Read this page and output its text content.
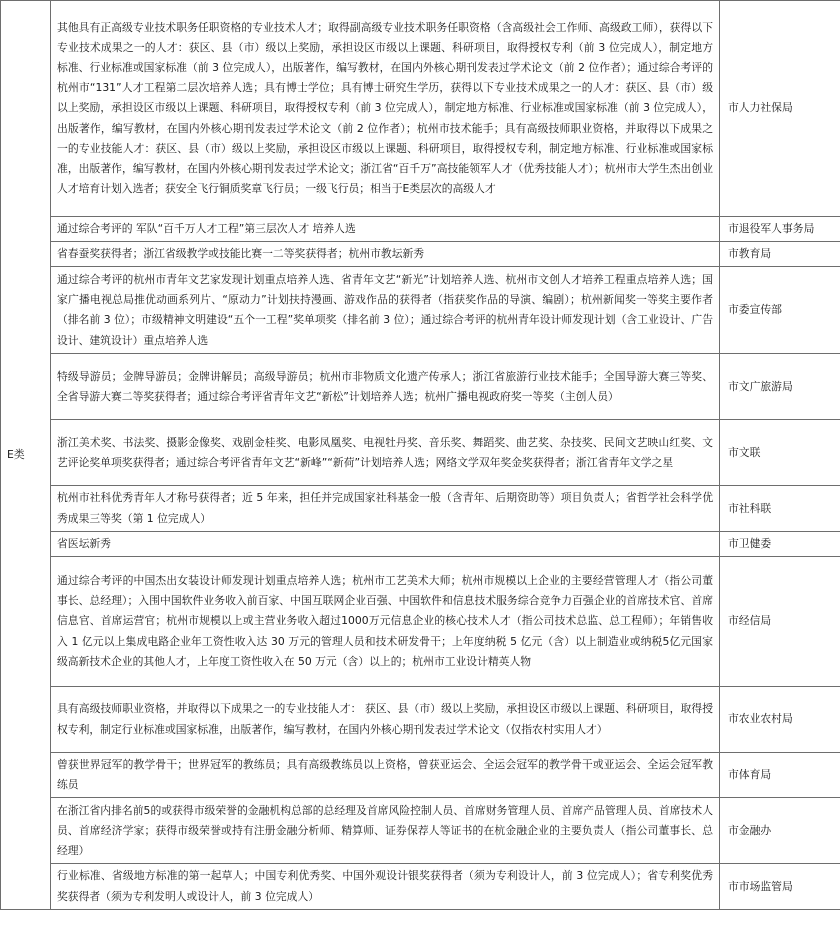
E类	其他具有正高级专业技术职务任职资格的专业技术人才；取得副高级专业技术职务任职资格（含高级社会工作师、高级政工师），获得以下专业技术成果之一的人才：获区、县（市）级以上奖励，承担设区市级以上课题、科研项目，取得授权专利（前 3 位完成人），制定地方标准、行业标准或国家标准（前 3 位完成人），出版著作，编写教材，在国内外核心期刊发表过学术论文（前 2 位作者）；通过综合考评的杭州市“131”人才工程第二层次培养人选；具有博士学位；具有博士研究生学历，获得以下专业技术成果之一的人才：获区、县（市）级以上奖励，承担设区市级以上课题、科研项目，取得授权专利（前 3 位完成人），制定地方标准、行业标准或国家标准（前 3 位完成人），出版著作，编写教材，在国内外核心期刊发表过学术论文（前 2 位作者）；杭州市技术能手；具有高级技师职业资格，并取得以下成果之一的专业技能人才：获区、县（市）级以上奖励，承担设区市级以上课题、科研项目，取得授权专利，制定地方标准、行业标准或国家标准，出版著作，编写教材，在国内外核心期刊发表过学术论文；浙江省“百千万”高技能领军人才（优秀技能人才）；杭州市大学生杰出创业人才培育计划入选者；获安全飞行铜质奖章飞行员；一级飞行员；相当于E类层次的高级人才	市人力社保局
	通过综合考评的 军队“百千万人才工程”第三层次人才 培养人选	市退役军人事务局
	省春蚕奖获得者；浙江省级教学或技能比赛一二等奖获得者；杭州市教坛新秀	市教育局
	通过综合考评的杭州市青年文艺家发现计划重点培养人选、省青年文艺“新光”计划培养人选、杭州市文创人才培养工程重点培养人选；国家广播电视总局推优动画系列片、“原动力”计划扶持漫画、游戏作品的获得者（指获奖作品的导演、编剧）；杭州新闻奖一等奖主要作者（排名前 3 位）；市级精神文明建设“五个一工程”奖单项奖（排名前 3 位）；通过综合考评的杭州青年设计师发现计划（含工业设计、广告设计、建筑设计）重点培养人选	市委宣传部
	特级导游员；金牌导游员；金牌讲解员；高级导游员；杭州市非物质文化遗产传承人；浙江省旅游行业技术能手；全国导游大赛三等奖、全省导游大赛二等奖获得者；通过综合考评省青年文艺“新松”计划培养人选；杭州广播电视政府奖一等奖（主创人员）	市文广旅游局
	浙江美术奖、书法奖、摄影金像奖、戏剧金桂奖、电影凤凰奖、电视牡丹奖、音乐奖、舞蹈奖、曲艺奖、杂技奖、民间文艺映山红奖、文艺评论奖单项奖获得者；通过综合考评省青年文艺“新峰”“新荷”计划培养人选；网络文学双年奖金奖获得者；浙江省青年文学之星	市文联
	杭州市社科优秀青年人才称号获得者；近 5 年来，担任并完成国家社科基金一般（含青年、后期资助等）项目负责人；省哲学社会科学优秀成果三等奖（第 1 位完成人）	市社科联
	省医坛新秀	市卫健委
	通过综合考评的中国杰出女装设计师发现计划重点培养人选；杭州市工艺美术大师；杭州市规模以上企业的主要经营管理人才（指公司董事长、总经理）；入围中国软件业务收入前百家、中国互联网企业百强、中国软件和信息技术服务综合竞争力百强企业的首席技术官、首席信息官、首席运营官；杭州市规模以上或主营业务收入超过1000万元信息企业的核心技术人才（指公司技术总监、总工程师）；年销售收入 1 亿元以上集成电路企业年工资性收入达 30 万元的管理人员和技术研发骨干；上年度纳税 5 亿元（含）以上制造业或纳税5亿元国家级高新技术企业的其他人才，上年度工资性收入在 50 万元（含）以上的；杭州市工业设计精英人物	市经信局
	具有高级技师职业资格，并取得以下成果之一的专业技能人才： 获区、县（市）级以上奖励，承担设区市级以上课题、科研项目，取得授权专利，制定行业标准或国家标准，出版著作，编写教材，在国内外核心期刊发表过学术论文（仅指农村实用人才）	市农业农村局
	曾获世界冠军的教学骨干；世界冠军的教练员；具有高级教练员以上资格，曾获亚运会、全运会冠军的教学骨干或亚运会、全运会冠军教练员	市体育局
	在浙江省内排名前5的或获得市级荣誉的金融机构总部的总经理及首席风险控制人员、首席财务管理人员、首席产品管理人员、首席技术人员、首席经济学家；获得市级荣誉或持有注册金融分析师、精算师、证券保荐人等证书的在杭金融企业的主要负责人（指公司董事长、总经理）	市金融办
	行业标准、省级地方标准的第一起草人；中国专利优秀奖、中国外观设计银奖获得者（须为专利设计人，前 3 位完成人）；省专利奖优秀奖获得者（须为专利发明人或设计人，前 3 位完成人）	市市场监管局
